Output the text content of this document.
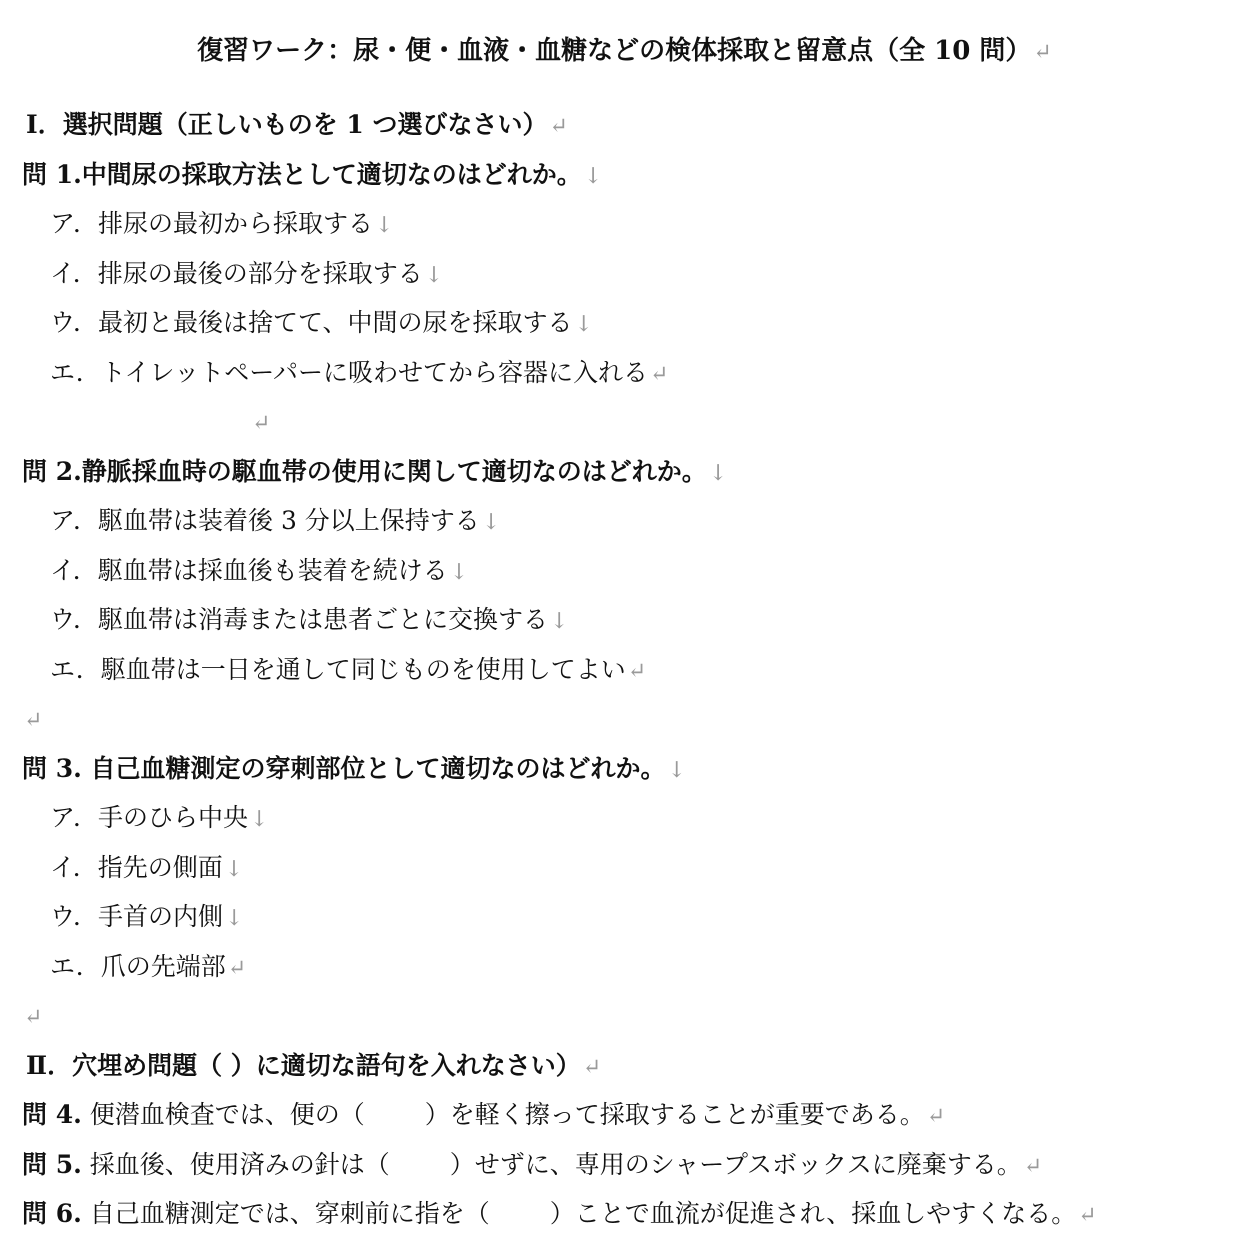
復習ワーク：尿・便・血液・血糖などの検体採取と留意点（全 10 問）↵
Ⅰ．選択問題（正しいものを 1 つ選びなさい）↵
問 1.中間尿の採取方法として適切なのはどれか。↓
ア．排尿の最初から採取する↓
イ．排尿の最後の部分を採取する↓
ウ．最初と最後は捨てて、中間の尿を採取する↓
エ．トイレットペーパーに吸わせてから容器に入れる↵
↵
問 2.静脈採血時の駆血帯の使用に関して適切なのはどれか。↓
ア．駆血帯は装着後 3 分以上保持する↓
イ．駆血帯は採血後も装着を続ける↓
ウ．駆血帯は消毒または患者ごとに交換する↓
エ．駆血帯は一日を通して同じものを使用してよい↵
↵
問 3. 自己血糖測定の穿刺部位として適切なのはどれか。↓
ア．手のひら中央↓
イ．指先の側面↓
ウ．手首の内側↓
エ．爪の先端部↵
↵
Ⅱ．穴埋め問題（ ）に適切な語句を入れなさい）↵
問 4. 便潜血検査では、便の（ ）を軽く擦って採取することが重要である。↵
問 5. 採血後、使用済みの針は（ ）せずに、専用のシャープスボックスに廃棄する。↵
問 6. 自己血糖測定では、穿刺前に指を（ ）ことで血流が促進され、採血しやすくなる。↵
